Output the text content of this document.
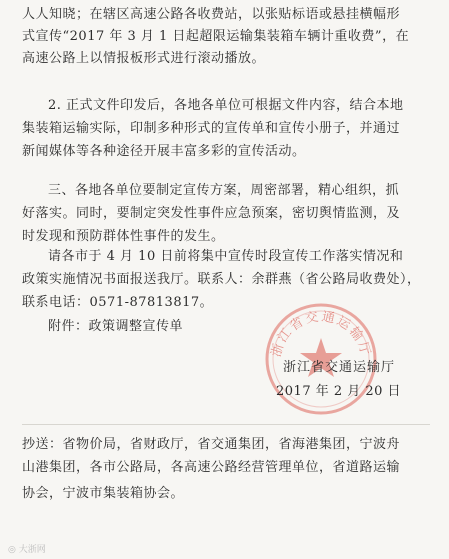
人人知晓；在辖区高速公路各收费站，以张贴标语或悬挂横幅形
式宣传“2017 年 3 月 1 日起超限运输集装箱车辆计重收费”，在
高速公路上以情报板形式进行滚动播放。
2. 正式文件印发后，各地各单位可根据文件内容，结合本地
集装箱运输实际，印制多种形式的宣传单和宣传小册子，并通过
新闻媒体等各种途径开展丰富多彩的宣传活动。
三、各地各单位要制定宣传方案，周密部署，精心组织，抓
好落实。同时，要制定突发性事件应急预案，密切舆情监测，及
时发现和预防群体性事件的发生。
请各市于 4 月 10 日前将集中宣传时段宣传工作落实情况和
政策实施情况书面报送我厅。联系人：余群燕（省公路局收费处），
联系电话：0571-87813817。
附件：政策调整宣传单
浙江省交通运输厅
浙江省交通运输厅
2017 年 2 月 20 日
抄送：省物价局，省财政厅，省交通集团，省海港集团，宁波舟
山港集团，各市公路局，各高速公路经营管理单位，省道路运输
协会，宁波市集装箱协会。
◎ 大浙网
